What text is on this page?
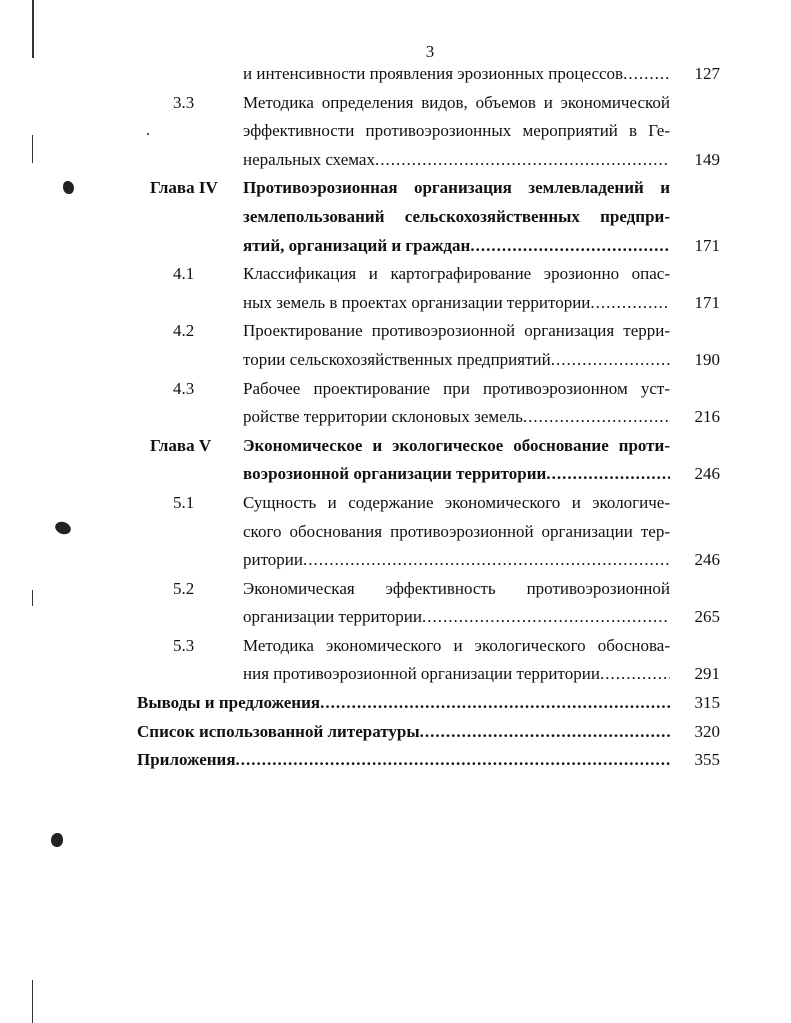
3
и интенсивности проявления эрозионных процессов .....	127
3.3	Методика определения видов, объемов и экономической
эффективности противоэрозионных мероприятий в Ге-
неральных схемах .....	149
Глава IV Противоэрозионная организация землевладений и
землепользований сельскохозяйственных предпри-
ятий, организаций и граждан .....	171
4.1	Классификация и картографирование эрозионно опас-
ных земель в проектах организации территории .....	171
4.2	Проектирование противоэрозионной организация терри-
тории сельскохозяйственных предприятий .....	190
4.3	Рабочее проектирование при противоэрозионном уст-
ройстве территории склоновых земель .....	216
Глава V Экономическое и экологическое обоснование проти-
воэрозионной организации территории .....	246
5.1	Сущность и содержание экономического и экологиче-
ского обоснования противоэрозионной организации тер-
ритории .....	246
5.2	Экономическая эффективность противоэрозионной
организации территории .....	265
5.3	Методика экономического и экологического обоснова-
ния противоэрозионной организации территории .....	291
Выводы и предложения .....	315
Список использованной литературы .....	320
Приложения .....	355
